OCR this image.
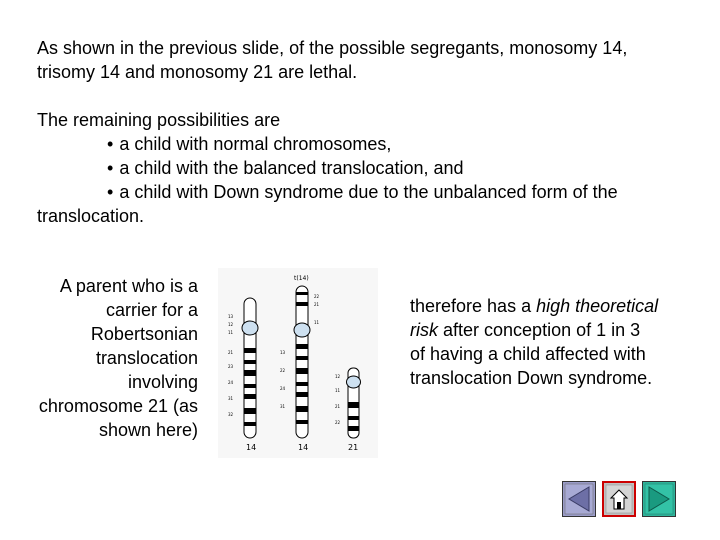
As shown in the previous slide, of the possible segregants, monosomy 14, trisomy 14 and monosomy 21 are lethal.

The remaining possibilities are

• a child with normal chromosomes,

• a child with the balanced translocation, and

• a child with Down syndrome due to the unbalanced form of the

translocation.

A parent who is a carrier for a Robertsonian translocation involving chromosome 21 (as shown here)
13
12
11
21
23
24
31
32
14
t(14)
22
21
11
13
22
24
31
14
12
11
21
22
21
therefore has a high theoretical risk after conception of 1 in 3 of having a child affected with translocation Down syndrome.
